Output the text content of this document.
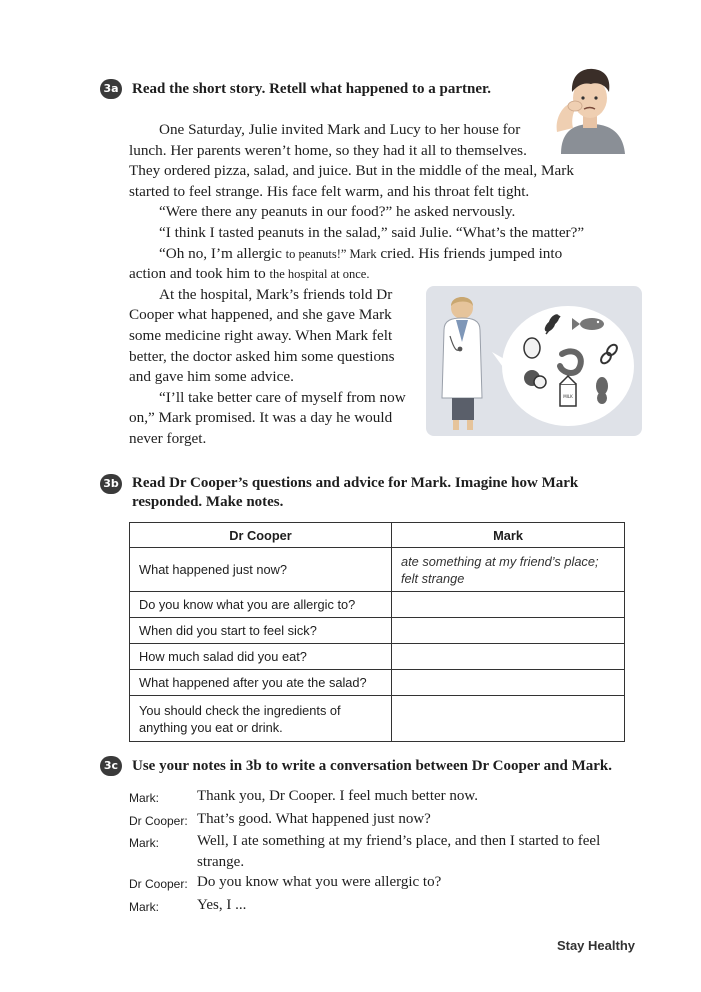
3a Read the short story. Retell what happened to a partner.

One Saturday, Julie invited Mark and Lucy to her house for

lunch. Her parents weren’t home, so they had it all to themselves.

They ordered pizza, salad, and juice. But in the middle of the meal, Mark

started to feel strange. His face felt warm, and his throat felt tight.

“Were there any peanuts in our food?” he asked nervously.

“I think I tasted peanuts in the salad,” said Julie. “What’s the matter?”

“Oh no, I’m allergic to peanuts!” Mark cried. His friends jumped into

action and took him to the hospital at once.

At the hospital, Mark’s friends told Dr

Cooper what happened, and she gave Mark

some medicine right away. When Mark felt

better, the doctor asked him some questions

and gave him some advice.

“I’ll take better care of myself from now

on,” Mark promised. It was a day he would

never forget.

MILK
3b Read Dr Cooper’s questions and advice for Mark. Imagine how Mark
responded. Make notes.
Dr Cooper	Mark
What happened just now?	ate something at my friend’s place;
felt strange

Do you know what you are allergic to?	
When did you start to feel sick?	
How much salad did you eat?	
What happened after you ate the salad?	

You should check the ingredients of
anything you eat or drink.	

3c Use your notes in 3b to write a conversation between Dr Cooper and Mark.
Mark:	Thank you, Dr Cooper. I feel much better now.
Dr Cooper: That’s good. What happened just now?
Mark:	Well, I ate something at my friend’s place, and then I started to feel
strange.
Dr Cooper: Do you know what you were allergic to?
Mark:	Yes, I ...
Stay Healthy
